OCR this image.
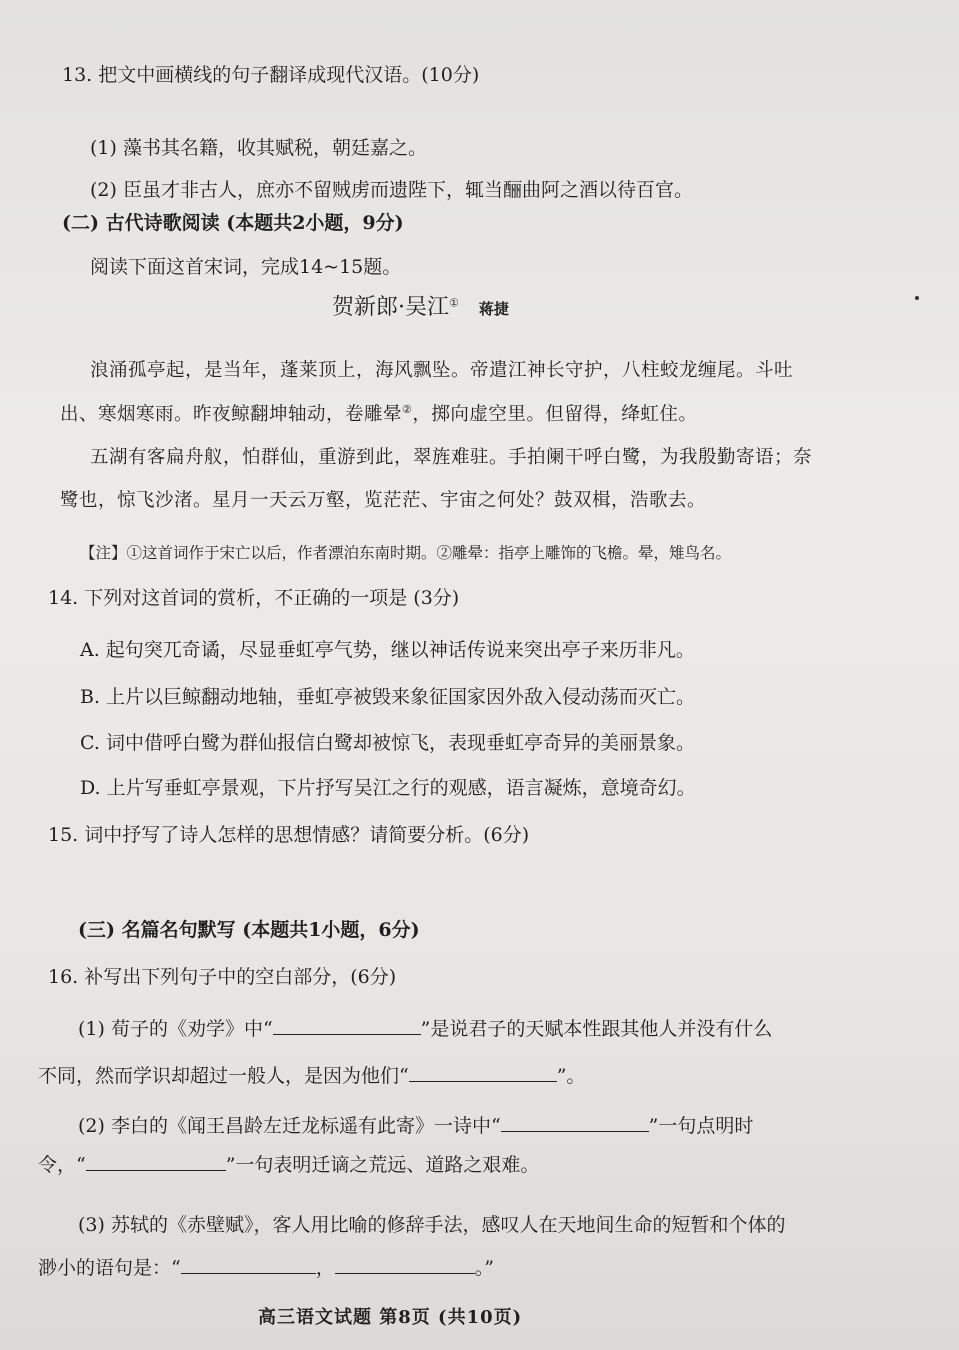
13. 把文中画横线的句子翻译成现代汉语。(10分)
(1) 藻书其名籍，收其赋税，朝廷嘉之。
(2) 臣虽才非古人，庶亦不留贼虏而遗陛下，辄当酾曲阿之酒以待百官。
(二) 古代诗歌阅读 (本题共2小题，9分)
阅读下面这首宋词，完成14~15题。
贺新郎·吴江① 蒋捷
浪涌孤亭起，是当年，蓬莱顶上，海风飘坠。帝遣江神长守护，八柱蛟龙缠尾。斗吐
出、寒烟寒雨。昨夜鲸翻坤轴动，卷雕晕②，掷向虚空里。但留得，绛虹住。
五湖有客扁舟舣，怕群仙，重游到此，翠旌难驻。手拍阑干呼白鹭，为我殷勤寄语；奈
鹭也，惊飞沙渚。星月一天云万壑，览茫茫、宇宙之何处？鼓双楫，浩歌去。
【注】①这首词作于宋亡以后，作者漂泊东南时期。②雕晕：指亭上雕饰的飞檐。晕，雉鸟名。
14. 下列对这首词的赏析，不正确的一项是 (3分)
A. 起句突兀奇谲，尽显垂虹亭气势，继以神话传说来突出亭子来历非凡。
B. 上片以巨鲸翻动地轴，垂虹亭被毁来象征国家因外敌入侵动荡而灭亡。
C. 词中借呼白鹭为群仙报信白鹭却被惊飞，表现垂虹亭奇异的美丽景象。
D. 上片写垂虹亭景观，下片抒写吴江之行的观感，语言凝炼，意境奇幻。
15. 词中抒写了诗人怎样的思想情感？请简要分析。(6分)
(三) 名篇名句默写 (本题共1小题，6分)
16. 补写出下列句子中的空白部分，(6分)
(1) 荀子的《劝学》中“	”是说君子的天赋本性跟其他人并没有什么
不同，然而学识却超过一般人，是因为他们“	”。
(2) 李白的《闻王昌龄左迁龙标遥有此寄》一诗中“	”一句点明时
令，“	”一句表明迁谪之荒远、道路之艰难。
(3) 苏轼的《赤壁赋》，客人用比喻的修辞手法，感叹人在天地间生命的短暂和个体的
渺小的语句是：“	，	。”
高三语文试题 第8页 (共10页)
